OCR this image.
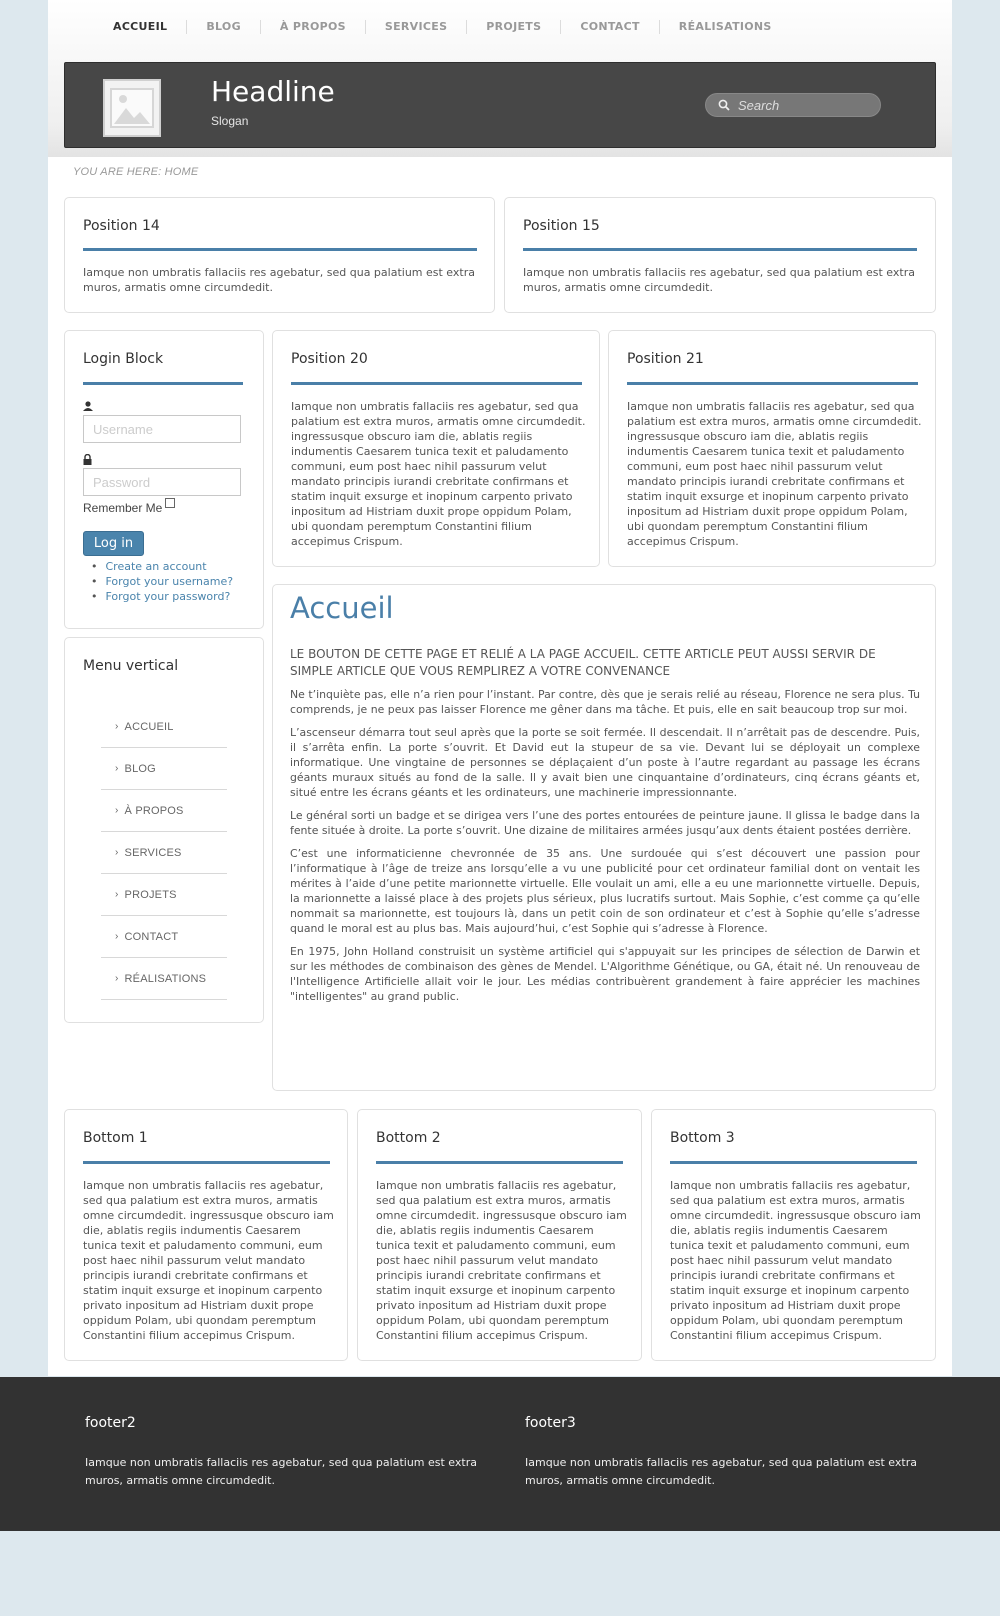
ACCUEIL	BLOG	À PROPOS	SERVICES	PROJETS	CONTACT	RÉALISATIONS
Headline
Slogan
Search
YOU ARE HERE: HOME
Position 14

Iamque non umbratis fallaciis res agebatur, sed qua palatium est extra muros, armatis omne circumdedit.

Position 15

Iamque non umbratis fallaciis res agebatur, sed qua palatium est extra muros, armatis omne circumdedit.

Login Block
Username
Remember Me
Log in
• Create an account
• Forgot your username?
• Forgot your password?
Menu vertical
› ACCUEIL
› BLOG
› À PROPOS
› SERVICES
› PROJETS
› CONTACT
› RÉALISATIONS
Position 20

Iamque non umbratis fallaciis res agebatur, sed qua palatium est extra muros, armatis omne circumdedit. ingressusque obscuro iam die, ablatis regiis indumentis Caesarem tunica texit et paludamento communi, eum post haec nihil passurum velut mandato principis iurandi crebritate confirmans et statim inquit exsurge et inopinum carpento privato inpositum ad Histriam duxit prope oppidum Polam, ubi quondam peremptum Constantini filium accepimus Crispum.

Position 21

Iamque non umbratis fallaciis res agebatur, sed qua palatium est extra muros, armatis omne circumdedit. ingressusque obscuro iam die, ablatis regiis indumentis Caesarem tunica texit et paludamento communi, eum post haec nihil passurum velut mandato principis iurandi crebritate confirmans et statim inquit exsurge et inopinum carpento privato inpositum ad Histriam duxit prope oppidum Polam, ubi quondam peremptum Constantini filium accepimus Crispum.

Accueil
LE BOUTON DE CETTE PAGE ET RELIÉ A LA PAGE ACCUEIL. CETTE ARTICLE PEUT AUSSI SERVIR DE SIMPLE ARTICLE QUE VOUS REMPLIREZ A VOTRE CONVENANCE

Ne t’inquiète pas, elle n’a rien pour l’instant. Par contre, dès que je serais relié au réseau, Florence ne sera plus. Tu comprends, je ne peux pas laisser Florence me gêner dans ma tâche. Et puis, elle en sait beaucoup trop sur moi.

L’ascenseur démarra tout seul après que la porte se soit fermée. Il descendait. Il n’arrêtait pas de descendre. Puis, il s’arrêta enfin. La porte s’ouvrit. Et David eut la stupeur de sa vie. Devant lui se déployait un complexe informatique. Une vingtaine de personnes se déplaçaient d’un poste à l’autre regardant au passage les écrans géants muraux situés au fond de la salle. Il y avait bien une cinquantaine d’ordinateurs, cinq écrans géants et, situé entre les écrans géants et les ordinateurs, une machinerie impressionnante.

Le général sorti un badge et se dirigea vers l’une des portes entourées de peinture jaune. Il glissa le badge dans la fente située à droite. La porte s’ouvrit. Une dizaine de militaires armées jusqu’aux dents étaient postées derrière.

C’est une informaticienne chevronnée de 35 ans. Une surdouée qui s’est découvert une passion pour l’informatique à l’âge de treize ans lorsqu’elle a vu une publicité pour cet ordinateur familial dont on ventait les mérites à l’aide d’une petite marionnette virtuelle. Elle voulait un ami, elle a eu une marionnette virtuelle. Depuis, la marionnette a laissé place à des projets plus sérieux, plus lucratifs surtout. Mais Sophie, c’est comme ça qu’elle nommait sa marionnette, est toujours là, dans un petit coin de son ordinateur et c’est à Sophie qu’elle s’adresse quand le moral est au plus bas. Mais aujourd’hui, c’est Sophie qui s’adresse à Florence.

En 1975, John Holland construisit un système artificiel qui s'appuyait sur les principes de sélection de Darwin et sur les méthodes de combinaison des gènes de Mendel. L'Algorithme Génétique, ou GA, était né. Un renouveau de l'Intelligence Artificielle allait voir le jour. Les médias contribuèrent grandement à faire apprécier les machines "intelligentes" au grand public.

Bottom 1

Iamque non umbratis fallaciis res agebatur, sed qua palatium est extra muros, armatis omne circumdedit. ingressusque obscuro iam die, ablatis regiis indumentis Caesarem tunica texit et paludamento communi, eum post haec nihil passurum velut mandato principis iurandi crebritate confirmans et statim inquit exsurge et inopinum carpento privato inpositum ad Histriam duxit prope oppidum Polam, ubi quondam peremptum Constantini filium accepimus Crispum.

Bottom 2

Iamque non umbratis fallaciis res agebatur, sed qua palatium est extra muros, armatis omne circumdedit. ingressusque obscuro iam die, ablatis regiis indumentis Caesarem tunica texit et paludamento communi, eum post haec nihil passurum velut mandato principis iurandi crebritate confirmans et statim inquit exsurge et inopinum carpento privato inpositum ad Histriam duxit prope oppidum Polam, ubi quondam peremptum Constantini filium accepimus Crispum.

Bottom 3

Iamque non umbratis fallaciis res agebatur, sed qua palatium est extra muros, armatis omne circumdedit. ingressusque obscuro iam die, ablatis regiis indumentis Caesarem tunica texit et paludamento communi, eum post haec nihil passurum velut mandato principis iurandi crebritate confirmans et statim inquit exsurge et inopinum carpento privato inpositum ad Histriam duxit prope oppidum Polam, ubi quondam peremptum Constantini filium accepimus Crispum.

footer2

Iamque non umbratis fallaciis res agebatur, sed qua palatium est extra muros, armatis omne circumdedit.

footer3

Iamque non umbratis fallaciis res agebatur, sed qua palatium est extra muros, armatis omne circumdedit.
